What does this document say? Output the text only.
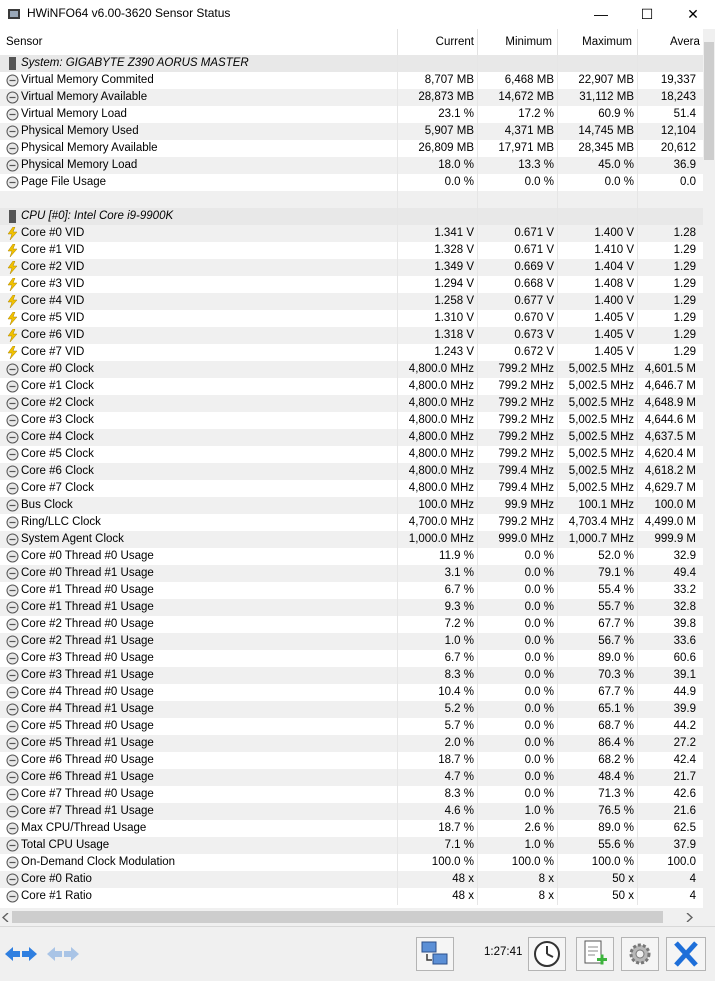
HWiNFO64 v6.00-3620 Sensor Status	—	☐	✕
Sensor	Current	Minimum	Maximum	Avera
System: GIGABYTE Z390 AORUS MASTER
Virtual Memory Commited	8,707 MB	6,468 MB	22,907 MB	19,337
Virtual Memory Available	28,873 MB	14,672 MB	31,112 MB	18,243
Virtual Memory Load	23.1 %	17.2 %	60.9 %	51.4
Physical Memory Used	5,907 MB	4,371 MB	14,745 MB	12,104
Physical Memory Available	26,809 MB	17,971 MB	28,345 MB	20,612
Physical Memory Load	18.0 %	13.3 %	45.0 %	36.9
Page File Usage	0.0 %	0.0 %	0.0 %	0.0
CPU [#0]: Intel Core i9-9900K
Core #0 VID	1.341 V	0.671 V	1.400 V	1.28
Core #1 VID	1.328 V	0.671 V	1.410 V	1.29
Core #2 VID	1.349 V	0.669 V	1.404 V	1.29
Core #3 VID	1.294 V	0.668 V	1.408 V	1.29
Core #4 VID	1.258 V	0.677 V	1.400 V	1.29
Core #5 VID	1.310 V	0.670 V	1.405 V	1.29
Core #6 VID	1.318 V	0.673 V	1.405 V	1.29
Core #7 VID	1.243 V	0.672 V	1.405 V	1.29
Core #0 Clock	4,800.0 MHz	799.2 MHz	5,002.5 MHz 4,601.5 M
Core #1 Clock	4,800.0 MHz	799.2 MHz	5,002.5 MHz 4,646.7 M
Core #2 Clock	4,800.0 MHz	799.2 MHz	5,002.5 MHz 4,648.9 M
Core #3 Clock	4,800.0 MHz	799.2 MHz	5,002.5 MHz 4,644.6 M
Core #4 Clock	4,800.0 MHz	799.2 MHz	5,002.5 MHz 4,637.5 M
Core #5 Clock	4,800.0 MHz	799.2 MHz	5,002.5 MHz 4,620.4 M
Core #6 Clock	4,800.0 MHz	799.4 MHz	5,002.5 MHz 4,618.2 M
Core #7 Clock	4,800.0 MHz	799.4 MHz	5,002.5 MHz 4,629.7 M
Bus Clock	100.0 MHz	99.9 MHz	100.1 MHz	100.0 M
Ring/LLC Clock	4,700.0 MHz	799.2 MHz	4,703.4 MHz 4,499.0 M
System Agent Clock	1,000.0 MHz	999.0 MHz	1,000.7 MHz	999.9 M
Core #0 Thread #0 Usage	11.9 %	0.0 %	52.0 %	32.9
Core #0 Thread #1 Usage	3.1 %	0.0 %	79.1 %	49.4
Core #1 Thread #0 Usage	6.7 %	0.0 %	55.4 %	33.2
Core #1 Thread #1 Usage	9.3 %	0.0 %	55.7 %	32.8
Core #2 Thread #0 Usage	7.2 %	0.0 %	67.7 %	39.8
Core #2 Thread #1 Usage	1.0 %	0.0 %	56.7 %	33.6
Core #3 Thread #0 Usage	6.7 %	0.0 %	89.0 %	60.6
Core #3 Thread #1 Usage	8.3 %	0.0 %	70.3 %	39.1
Core #4 Thread #0 Usage	10.4 %	0.0 %	67.7 %	44.9
Core #4 Thread #1 Usage	5.2 %	0.0 %	65.1 %	39.9
Core #5 Thread #0 Usage	5.7 %	0.0 %	68.7 %	44.2
Core #5 Thread #1 Usage	2.0 %	0.0 %	86.4 %	27.2
Core #6 Thread #0 Usage	18.7 %	0.0 %	68.2 %	42.4
Core #6 Thread #1 Usage	4.7 %	0.0 %	48.4 %	21.7
Core #7 Thread #0 Usage	8.3 %	0.0 %	71.3 %	42.6
Core #7 Thread #1 Usage	4.6 %	1.0 %	76.5 %	21.6
Max CPU/Thread Usage	18.7 %	2.6 %	89.0 %	62.5
Total CPU Usage	7.1 %	1.0 %	55.6 %	37.9
On-Demand Clock Modulation	100.0 %	100.0 %	100.0 %	100.0
Core #0 Ratio	48 x	8 x	50 x	4
Core #1 Ratio	48 x	8 x	50 x	4
1:27:41
